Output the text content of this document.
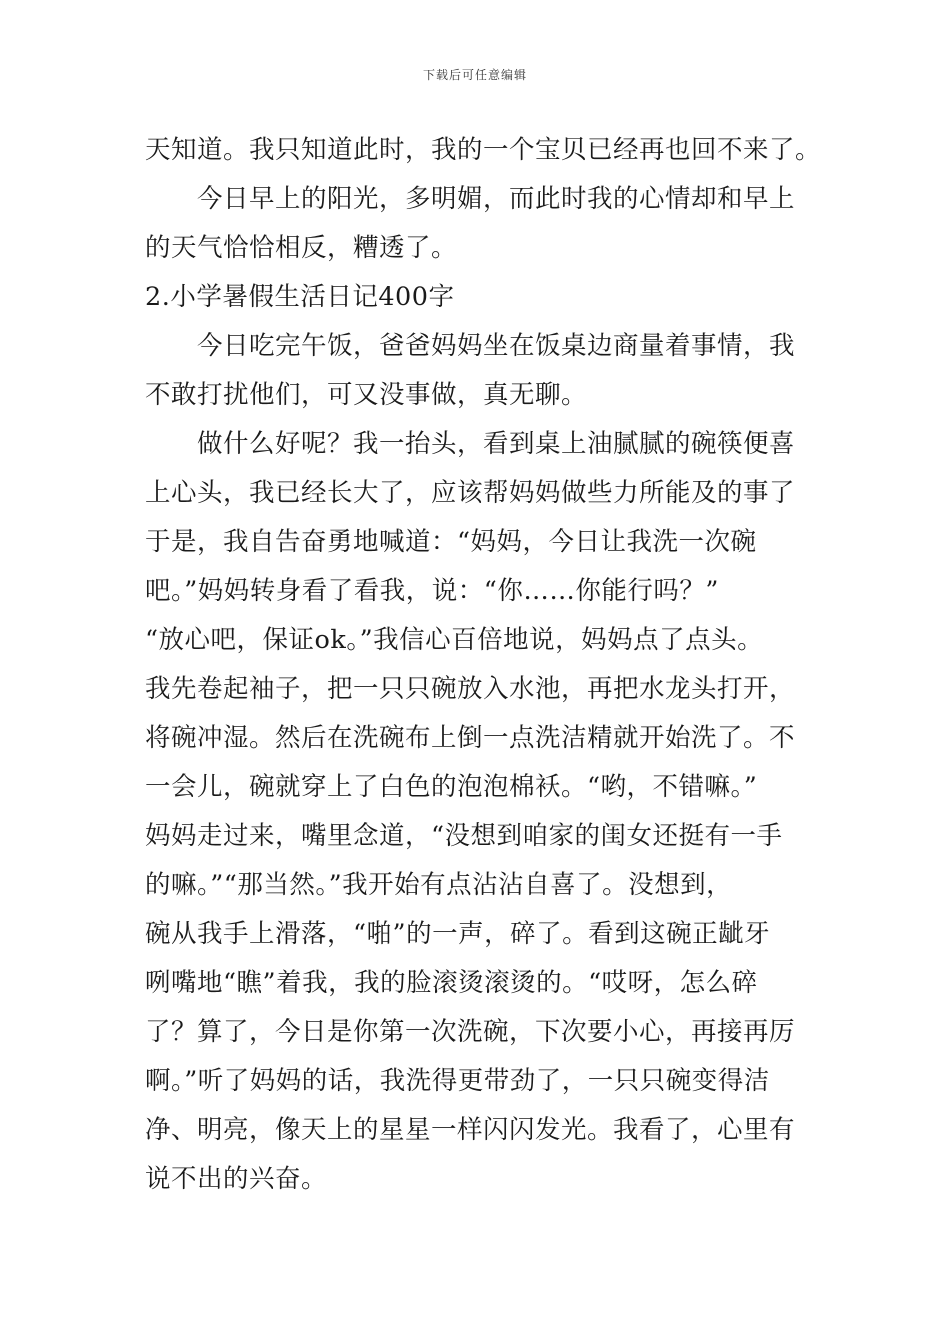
下载后可任意编辑
天知道。我只知道此时，我的一个宝贝已经再也回不来了。
今日早上的阳光，多明媚，而此时我的心情却和早上
的天气恰恰相反，糟透了。
2.小学暑假生活日记400字
今日吃完午饭，爸爸妈妈坐在饭桌边商量着事情，我
不敢打扰他们，可又没事做，真无聊。
做什么好呢？我一抬头，看到桌上油腻腻的碗筷便喜
上心头，我已经长大了，应该帮妈妈做些力所能及的事了
于是，我自告奋勇地喊道：“妈妈，今日让我洗一次碗
吧。”妈妈转身看了看我，说：“你……你能行吗？”
“放心吧，保证ok。”我信心百倍地说，妈妈点了点头。
我先卷起袖子，把一只只碗放入水池，再把水龙头打开，
将碗冲湿。然后在洗碗布上倒一点洗洁精就开始洗了。不
一会儿，碗就穿上了白色的泡泡棉袄。“哟，不错嘛。”
妈妈走过来，嘴里念道，“没想到咱家的闺女还挺有一手
的嘛。”“那当然。”我开始有点沾沾自喜了。没想到，
碗从我手上滑落，“啪”的一声，碎了。看到这碗正龇牙
咧嘴地“瞧”着我，我的脸滚烫滚烫的。“哎呀，怎么碎
了？算了，今日是你第一次洗碗，下次要小心，再接再厉
啊。”听了妈妈的话，我洗得更带劲了，一只只碗变得洁
净、明亮，像天上的星星一样闪闪发光。我看了，心里有
说不出的兴奋。
